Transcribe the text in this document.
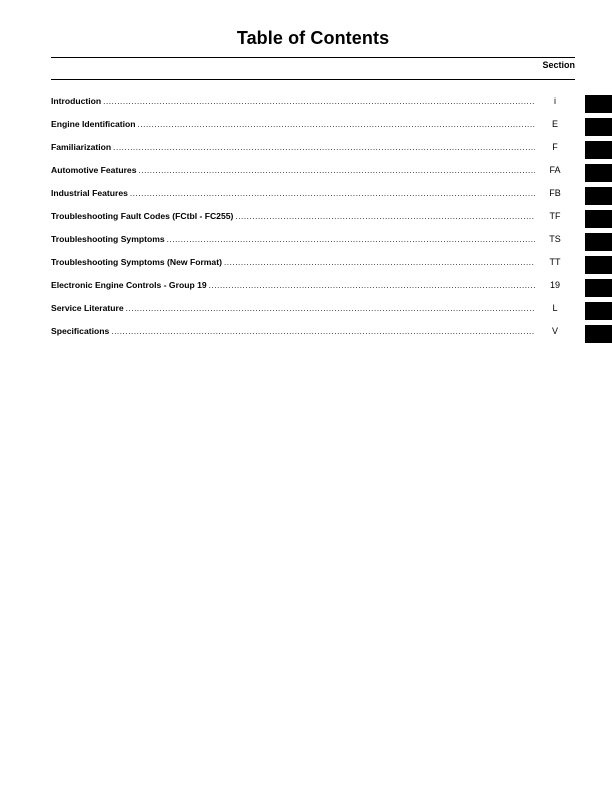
Table of Contents
Section
Introduction .....	i
Engine Identification .....	E
Familiarization .....	F
Automotive Features .....	FA
Industrial Features .....	FB
Troubleshooting Fault Codes (FCtbl - FC255) .....	TF
Troubleshooting Symptoms .....	TS
Troubleshooting Symptoms (New Format) .....	TT
Electronic Engine Controls - Group 19 .....	19
Service Literature .....	L
Specifications .....	V
